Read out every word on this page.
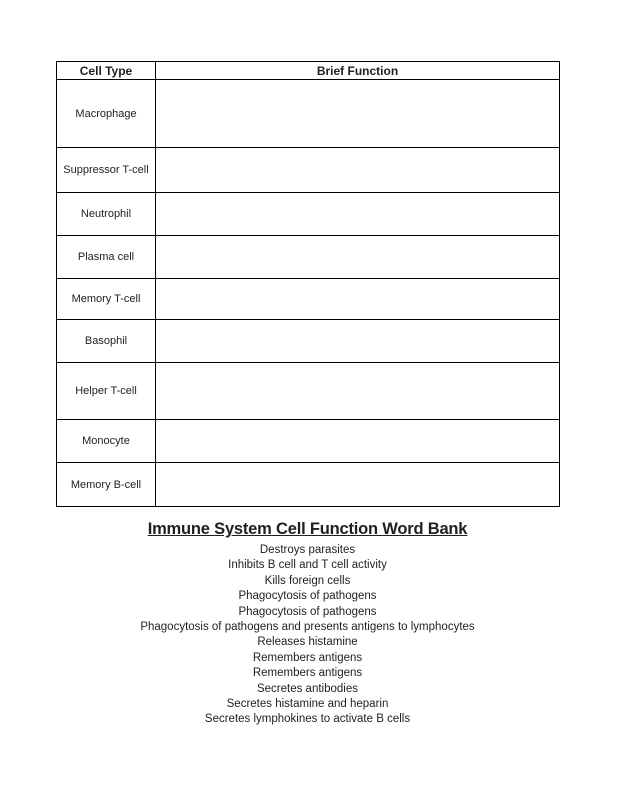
Cell Type	Brief Function
Macrophage	
Suppressor T-cell	
Neutrophil	
Plasma cell	
Memory T-cell	
Basophil	
Helper T-cell	
Monocyte	
Memory B-cell	
Immune System Cell Function Word Bank
Destroys parasites
Inhibits B cell and T cell activity
Kills foreign cells
Phagocytosis of pathogens
Phagocytosis of pathogens
Phagocytosis of pathogens and presents antigens to lymphocytes
Releases histamine
Remembers antigens
Remembers antigens
Secretes antibodies
Secretes histamine and heparin
Secretes lymphokines to activate B cells
